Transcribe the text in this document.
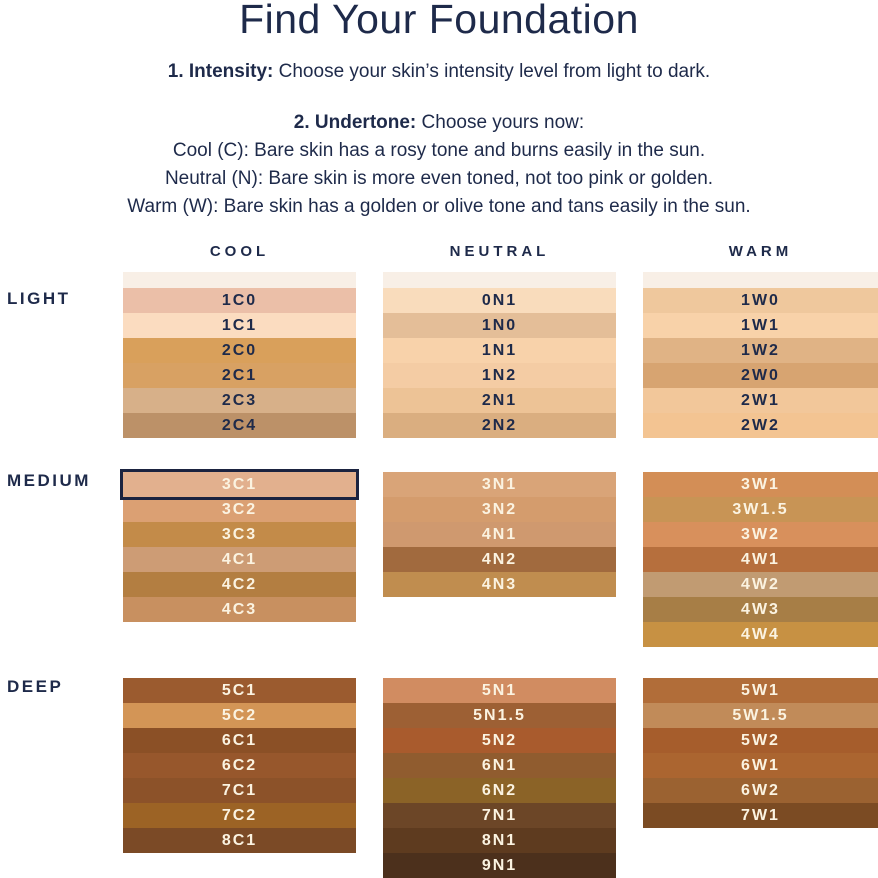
Find Your Foundation

1. Intensity: Choose your skin’s intensity level from light to dark.

2. Undertone: Choose yours now:

Cool (C): Bare skin has a rosy tone and burns easily in the sun.

Neutral (N): Bare skin is more even toned, not too pink or golden.

Warm (W): Bare skin has a golden or olive tone and tans easily in the sun.

COOL	NEUTRAL	WARM
LIGHT
MEDIUM
DEEP
1C0
1C1
2C0
2C1
2C3
2C4
0N1
1N0
1N1
1N2
2N1
2N2
1W0
1W1
1W2
2W0
2W1
2W2
3C1
3C2
3C3
4C1
4C2
4C3
3N1
3N2
4N1
4N2
4N3
3W1
3W1.5
3W2
4W1
4W2
4W3
4W4
5C1
5C2
6C1
6C2
7C1
7C2
8C1
5N1
5N1.5
5N2
6N1
6N2
7N1
8N1
9N1
5W1
5W1.5
5W2
6W1
6W2
7W1
